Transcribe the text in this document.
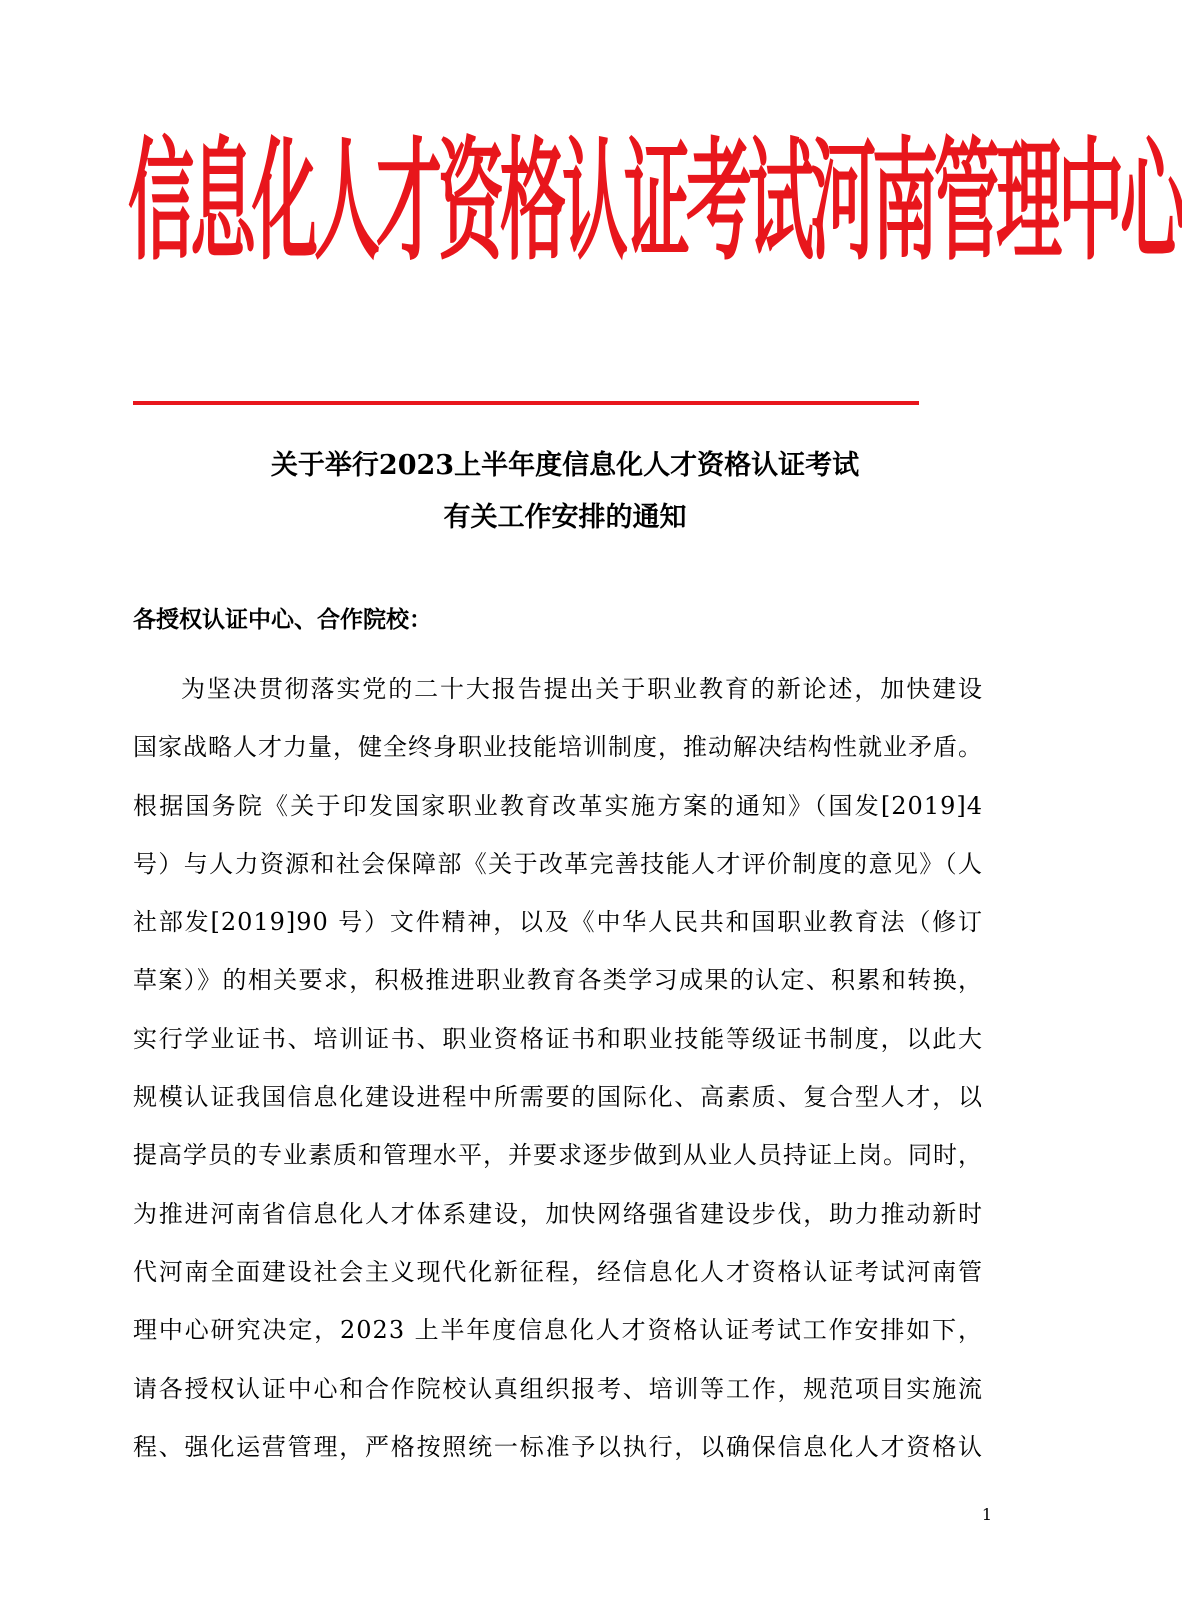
信息化人才资格认证考试河南管理中心
关于举行2023上半年度信息化人才资格认证考试
有关工作安排的通知
各授权认证中心、合作院校：
为坚决贯彻落实党的二十大报告提出关于职业教育的新论述，加快建设
国家战略人才力量，健全终身职业技能培训制度，推动解决结构性就业矛盾。
根据国务院《关于印发国家职业教育改革实施方案的通知》（国发[2019]4
号）与人力资源和社会保障部《关于改革完善技能人才评价制度的意见》（人
社部发[2019]90 号）文件精神，以及《中华人民共和国职业教育法（修订
草案）》的相关要求，积极推进职业教育各类学习成果的认定、积累和转换，
实行学业证书、培训证书、职业资格证书和职业技能等级证书制度，以此大
规模认证我国信息化建设进程中所需要的国际化、高素质、复合型人才，以
提高学员的专业素质和管理水平，并要求逐步做到从业人员持证上岗。同时，
为推进河南省信息化人才体系建设，加快网络强省建设步伐，助力推动新时
代河南全面建设社会主义现代化新征程，经信息化人才资格认证考试河南管
理中心研究决定，2023 上半年度信息化人才资格认证考试工作安排如下，
请各授权认证中心和合作院校认真组织报考、培训等工作，规范项目实施流
程、强化运营管理，严格按照统一标准予以执行，以确保信息化人才资格认
1
